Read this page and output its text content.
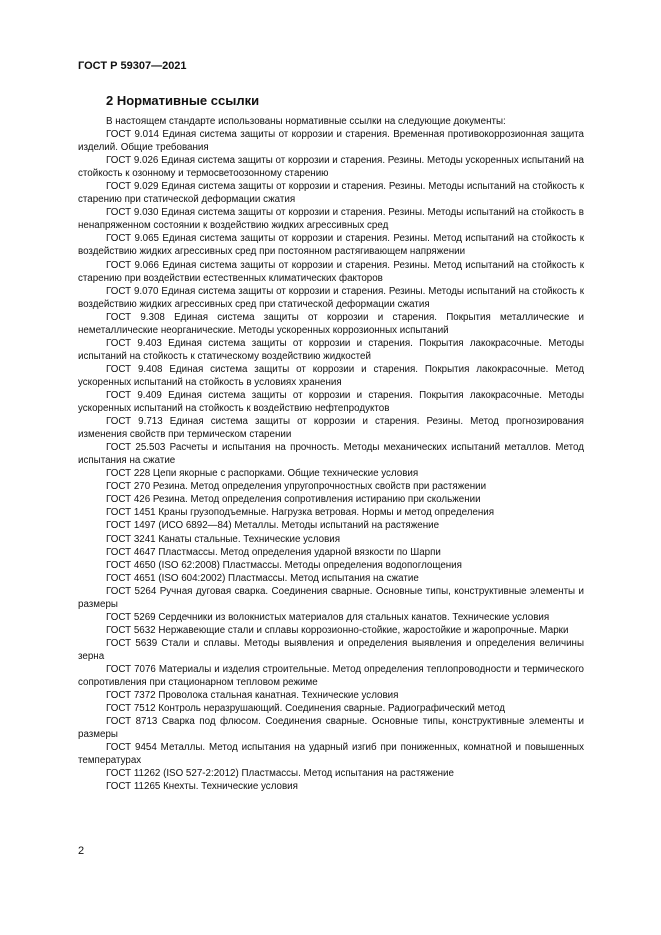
ГОСТ Р 59307—2021
2 Нормативные ссылки

В настоящем стандарте использованы нормативные ссылки на следующие документы:

ГОСТ 9.014 Единая система защиты от коррозии и старения. Временная противокоррозионная защита изделий. Общие требования

ГОСТ 9.026 Единая система защиты от коррозии и старения. Резины. Методы ускоренных испытаний на стойкость к озонному и термосветоозонному старению

ГОСТ 9.029 Единая система защиты от коррозии и старения. Резины. Методы испытаний на стойкость к старению при статической деформации сжатия

ГОСТ 9.030 Единая система защиты от коррозии и старения. Резины. Методы испытаний на стойкость в ненапряженном состоянии к воздействию жидких агрессивных сред

ГОСТ 9.065 Единая система защиты от коррозии и старения. Резины. Метод испытаний на стойкость к воздействию жидких агрессивных сред при постоянном растягивающем напряжении

ГОСТ 9.066 Единая система защиты от коррозии и старения. Резины. Метод испытаний на стойкость к старению при воздействии естественных климатических факторов

ГОСТ 9.070 Единая система защиты от коррозии и старения. Резины. Методы испытаний на стойкость к воздействию жидких агрессивных сред при статической деформации сжатия

ГОСТ 9.308 Единая система защиты от коррозии и старения. Покрытия металлические и неметаллические неорганические. Методы ускоренных коррозионных испытаний

ГОСТ 9.403 Единая система защиты от коррозии и старения. Покрытия лакокрасочные. Методы испытаний на стойкость к статическому воздействию жидкостей

ГОСТ 9.408 Единая система защиты от коррозии и старения. Покрытия лакокрасочные. Метод ускоренных испытаний на стойкость в условиях хранения

ГОСТ 9.409 Единая система защиты от коррозии и старения. Покрытия лакокрасочные. Методы ускоренных испытаний на стойкость к воздействию нефтепродуктов

ГОСТ 9.713 Единая система защиты от коррозии и старения. Резины. Метод прогнозирования изменения свойств при термическом старении

ГОСТ 25.503 Расчеты и испытания на прочность. Методы механических испытаний металлов. Метод испытания на сжатие

ГОСТ 228 Цепи якорные с распорками. Общие технические условия

ГОСТ 270 Резина. Метод определения упругопрочностных свойств при растяжении

ГОСТ 426 Резина. Метод определения сопротивления истиранию при скольжении

ГОСТ 1451 Краны грузоподъемные. Нагрузка ветровая. Нормы и метод определения

ГОСТ 1497 (ИСО 6892—84) Металлы. Методы испытаний на растяжение

ГОСТ 3241 Канаты стальные. Технические условия

ГОСТ 4647 Пластмассы. Метод определения ударной вязкости по Шарпи

ГОСТ 4650 (ISO 62:2008) Пластмассы. Методы определения водопоглощения

ГОСТ 4651 (ISO 604:2002) Пластмассы. Метод испытания на сжатие

ГОСТ 5264 Ручная дуговая сварка. Соединения сварные. Основные типы, конструктивные элементы и размеры

ГОСТ 5269 Сердечники из волокнистых материалов для стальных канатов. Технические условия

ГОСТ 5632 Нержавеющие стали и сплавы коррозионно-стойкие, жаростойкие и жаропрочные. Марки

ГОСТ 5639 Стали и сплавы. Методы выявления и определения выявления и определения величины зерна

ГОСТ 7076 Материалы и изделия строительные. Метод определения теплопроводности и термического сопротивления при стационарном тепловом режиме

ГОСТ 7372 Проволока стальная канатная. Технические условия

ГОСТ 7512 Контроль неразрушающий. Соединения сварные. Радиографический метод

ГОСТ 8713 Сварка под флюсом. Соединения сварные. Основные типы, конструктивные элементы и размеры

ГОСТ 9454 Металлы. Метод испытания на ударный изгиб при пониженных, комнатной и повышенных температурах

ГОСТ 11262 (ISO 527-2:2012) Пластмассы. Метод испытания на растяжение

ГОСТ 11265 Кнехты. Технические условия

2
